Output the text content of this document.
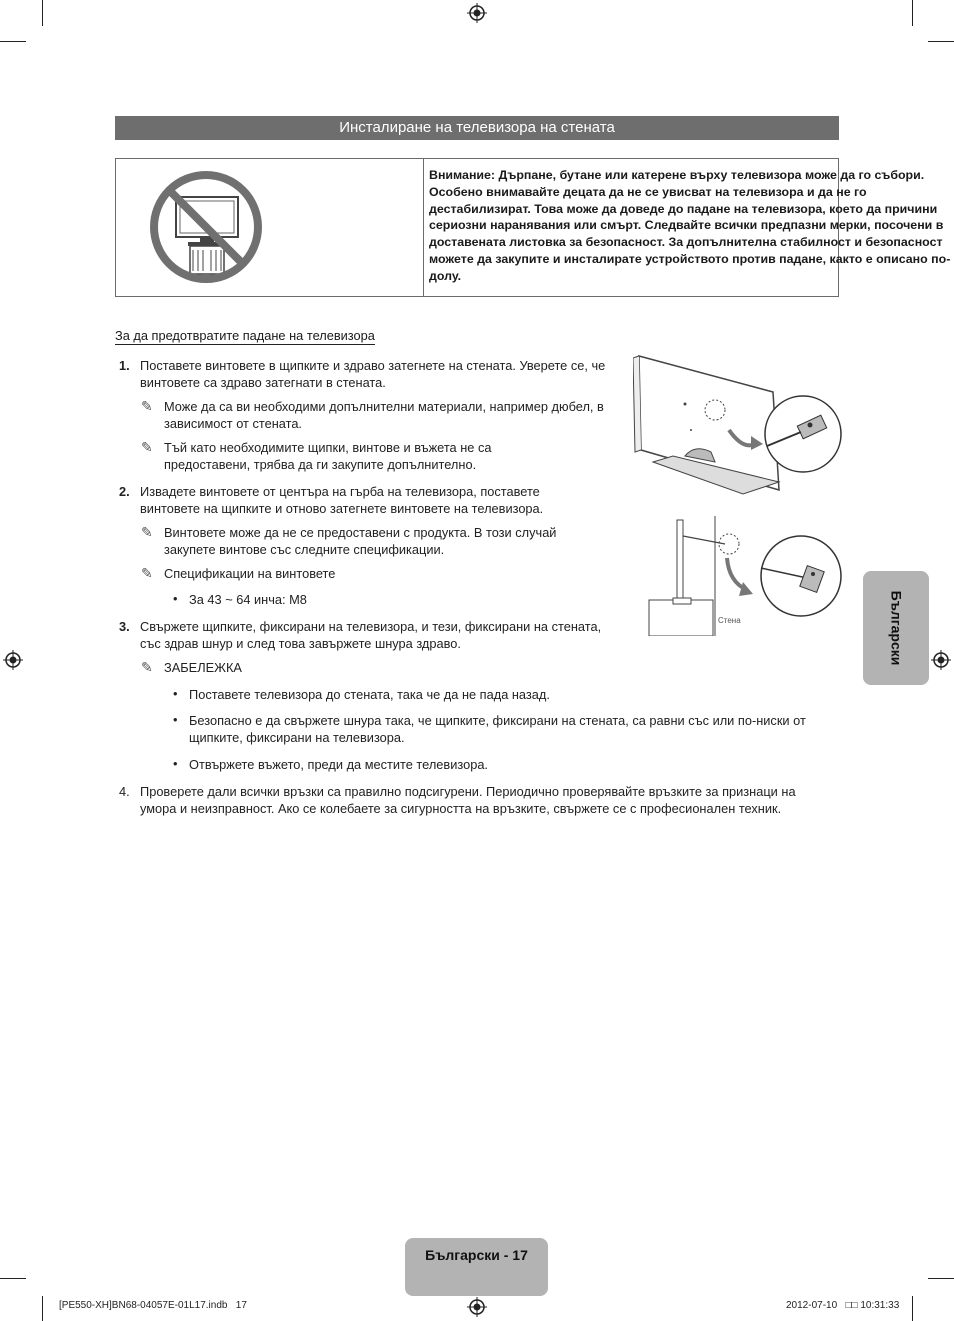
Инсталиране на телевизора на стената
Внимание: Дърпане, бутане или катерене върху телевизора може да го събори. Особено внимавайте децата да не се увисват на телевизора и да не го дестабилизират. Това може да доведе до падане на телевизора, което да причини сериозни наранявания или смърт. Следвайте всички предпазни мерки, посочени в доставената листовка за безопасност. За допълнителна стабилност и безопасност можете да закупите и инсталирате устройството против падане, както е описано по-долу.
За да предотвратите падане на телевизора
1. Поставете винтовете в щипките и здраво затегнете на стената. Уверете се, че винтовете са здраво затегнати в стената.
✎ Може да са ви необходими допълнителни материали, например дюбел, в зависимост от стената.
✎ Тъй като необходимите щипки, винтове и въжета не са предоставени, трябва да ги закупите допълнително.
2. Извадете винтовете от центъра на гърба на телевизора, поставете винтовете на щипките и отново затегнете винтовете на телевизора.
✎ Винтовете може да не се предоставени с продукта. В този случай закупете винтове със следните спецификации.
✎ Спецификации на винтовете
• За 43 ~ 64 инча: M8
3. Свържете щипките, фиксирани на телевизора, и тези, фиксирани на стената, със здрав шнур и след това завържете шнура здраво.
✎ ЗАБЕЛЕЖКА
• Поставете телевизора до стената, така че да не пада назад.
• Безопасно е да свържете шнура така, че щипките, фиксирани на стената, са равни със или по-ниски от щипките, фиксирани на телевизора.
• Отвържете въжето, преди да местите телевизора.
4. Проверете дали всички връзки са правилно подсигурени. Периодично проверявайте връзките за признаци на умора и неизправност. Ако се колебаете за сигурността на връзките, свържете се с професионален техник.
Стена	Български
Български - 17
[PE550-XH]BN68-04057E-01L17.indb   17	2012-07-10   □□ 10:31:33
